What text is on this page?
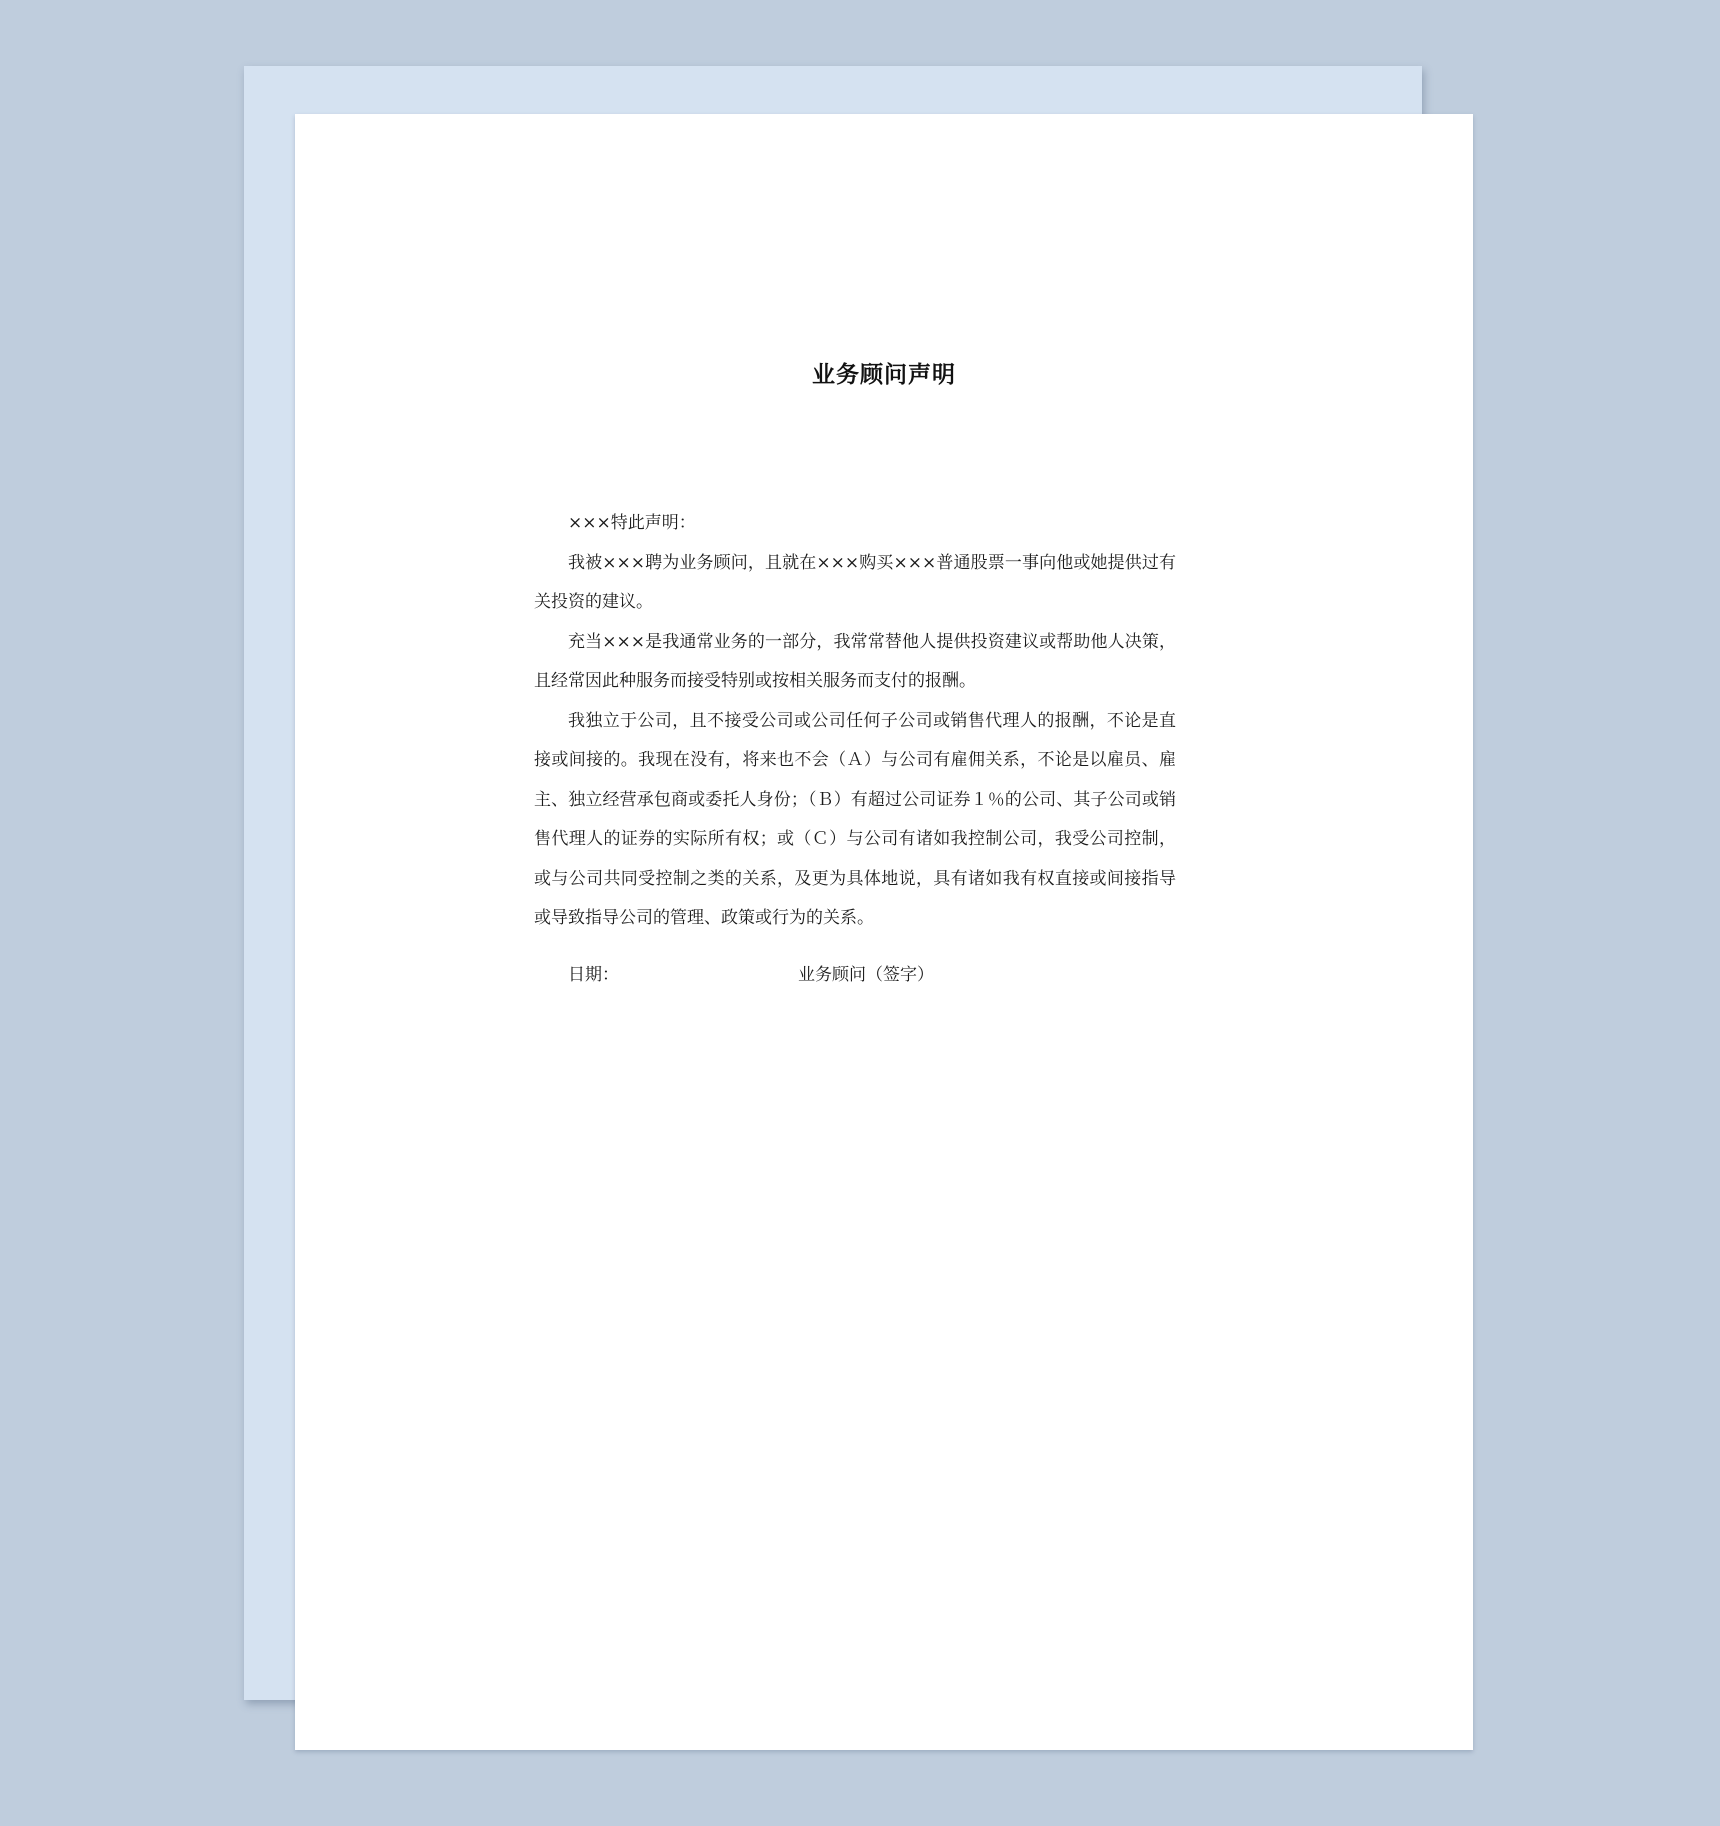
业务顾问声明

×××特此声明：

我被×××聘为业务顾问，且就在×××购买×××普通股票一事向他或她提供过有关投资的建议。

充当×××是我通常业务的一部分，我常常替他人提供投资建议或帮助他人决策，且经常因此种服务而接受特别或按相关服务而支付的报酬。

我独立于公司，且不接受公司或公司任何子公司或销售代理人的报酬，不论是直接或间接的。我现在没有，将来也不会（Ａ）与公司有雇佣关系，不论是以雇员、雇主、独立经营承包商或委托人身份；（Ｂ）有超过公司证券１％的公司、其子公司或销售代理人的证券的实际所有权；或（Ｃ）与公司有诸如我控制公司，我受公司控制，或与公司共同受控制之类的关系，及更为具体地说，具有诸如我有权直接或间接指导或导致指导公司的管理、政策或行为的关系。

日期：	业务顾问（签字）
